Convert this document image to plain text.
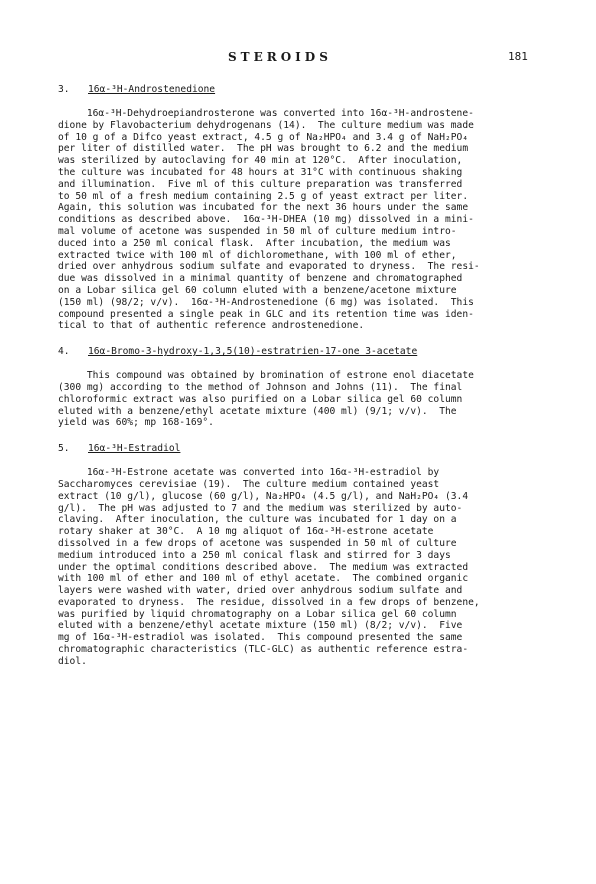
STEROIDS	181
3. 16α-³H-Androstenedione
16α-³H-Dehydroepiandrosterone was converted into 16α-³H-androstene-
dione by Flavobacterium dehydrogenans (14).  The culture medium was made
of 10 g of a Difco yeast extract, 4.5 g of Na₂HPO₄ and 3.4 g of NaH₂PO₄
per liter of distilled water.  The pH was brought to 6.2 and the medium
was sterilized by autoclaving for 40 min at 120°C.  After inoculation,
the culture was incubated for 48 hours at 31°C with continuous shaking
and illumination.  Five ml of this culture preparation was transferred
to 50 ml of a fresh medium containing 2.5 g of yeast extract per liter.
Again, this solution was incubated for the next 36 hours under the same
conditions as described above.  16α-³H-DHEA (10 mg) dissolved in a mini-
mal volume of acetone was suspended in 50 ml of culture medium intro-
duced into a 250 ml conical flask.  After incubation, the medium was
extracted twice with 100 ml of dichloromethane, with 100 ml of ether,
dried over anhydrous sodium sulfate and evaporated to dryness.  The resi-
due was dissolved in a minimal quantity of benzene and chromatographed
on a Lobar silica gel 60 column eluted with a benzene/acetone mixture
(150 ml) (98/2; v/v).  16α-³H-Androstenedione (6 mg) was isolated.  This
compound presented a single peak in GLC and its retention time was iden-
tical to that of authentic reference androstenedione.
4. 16α-Bromo-3-hydroxy-1,3,5(10)-estratrien-17-one 3-acetate
This compound was obtained by bromination of estrone enol diacetate
(300 mg) according to the method of Johnson and Johns (11).  The final
chloroformic extract was also purified on a Lobar silica gel 60 column
eluted with a benzene/ethyl acetate mixture (400 ml) (9/1; v/v).  The
yield was 60%; mp 168-169°.
5. 16α-³H-Estradiol
16α-³H-Estrone acetate was converted into 16α-³H-estradiol by
Saccharomyces cerevisiae (19).  The culture medium contained yeast
extract (10 g/l), glucose (60 g/l), Na₂HPO₄ (4.5 g/l), and NaH₂PO₄ (3.4
g/l).  The pH was adjusted to 7 and the medium was sterilized by auto-
claving.  After inoculation, the culture was incubated for 1 day on a
rotary shaker at 30°C.  A 10 mg aliquot of 16α-³H-estrone acetate
dissolved in a few drops of acetone was suspended in 50 ml of culture
medium introduced into a 250 ml conical flask and stirred for 3 days
under the optimal conditions described above.  The medium was extracted
with 100 ml of ether and 100 ml of ethyl acetate.  The combined organic
layers were washed with water, dried over anhydrous sodium sulfate and
evaporated to dryness.  The residue, dissolved in a few drops of benzene,
was purified by liquid chromatography on a Lobar silica gel 60 column
eluted with a benzene/ethyl acetate mixture (150 ml) (8/2; v/v).  Five
mg of 16α-³H-estradiol was isolated.  This compound presented the same
chromatographic characteristics (TLC-GLC) as authentic reference estra-
diol.
